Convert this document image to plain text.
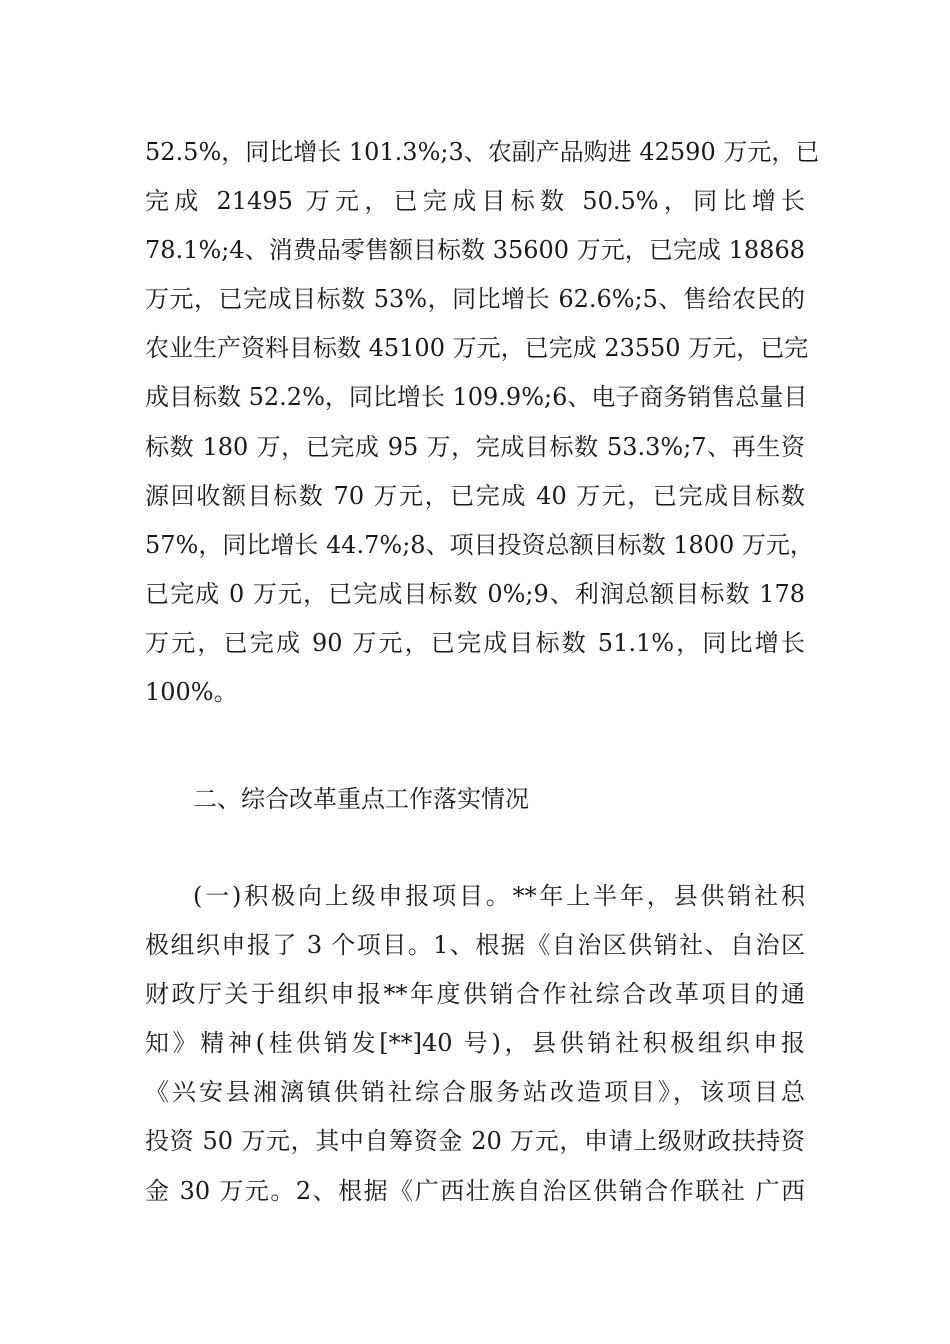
52.5%，同比增长 101.3%;3、农副产品购进 42590 万元，已
完成 21495 万元，已完成目标数 50.5%，同比增长
78.1%;4、消费品零售额目标数 35600 万元，已完成 18868
万元，已完成目标数 53%，同比增长 62.6%;5、售给农民的
农业生产资料目标数 45100 万元，已完成 23550 万元，已完
成目标数 52.2%，同比增长 109.9%;6、电子商务销售总量目
标数 180 万，已完成 95 万，完成目标数 53.3%;7、再生资
源回收额目标数 70 万元，已完成 40 万元，已完成目标数
57%，同比增长 44.7%;8、项目投资总额目标数 1800 万元，
已完成 0 万元，已完成目标数 0%;9、利润总额目标数 178
万元，已完成 90 万元，已完成目标数 51.1%，同比增长
100%。
二、综合改革重点工作落实情况
(一)积极向上级申报项目。**年上半年，县供销社积
极组织申报了 3 个项目。1、根据《自治区供销社、自治区
财政厅关于组织申报**年度供销合作社综合改革项目的通
知》精神(桂供销发[**]40 号)，县供销社积极组织申报
《兴安县湘漓镇供销社综合服务站改造项目》，该项目总
投资 50 万元，其中自筹资金 20 万元，申请上级财政扶持资
金 30 万元。2、根据《广西壮族自治区供销合作联社 广西
